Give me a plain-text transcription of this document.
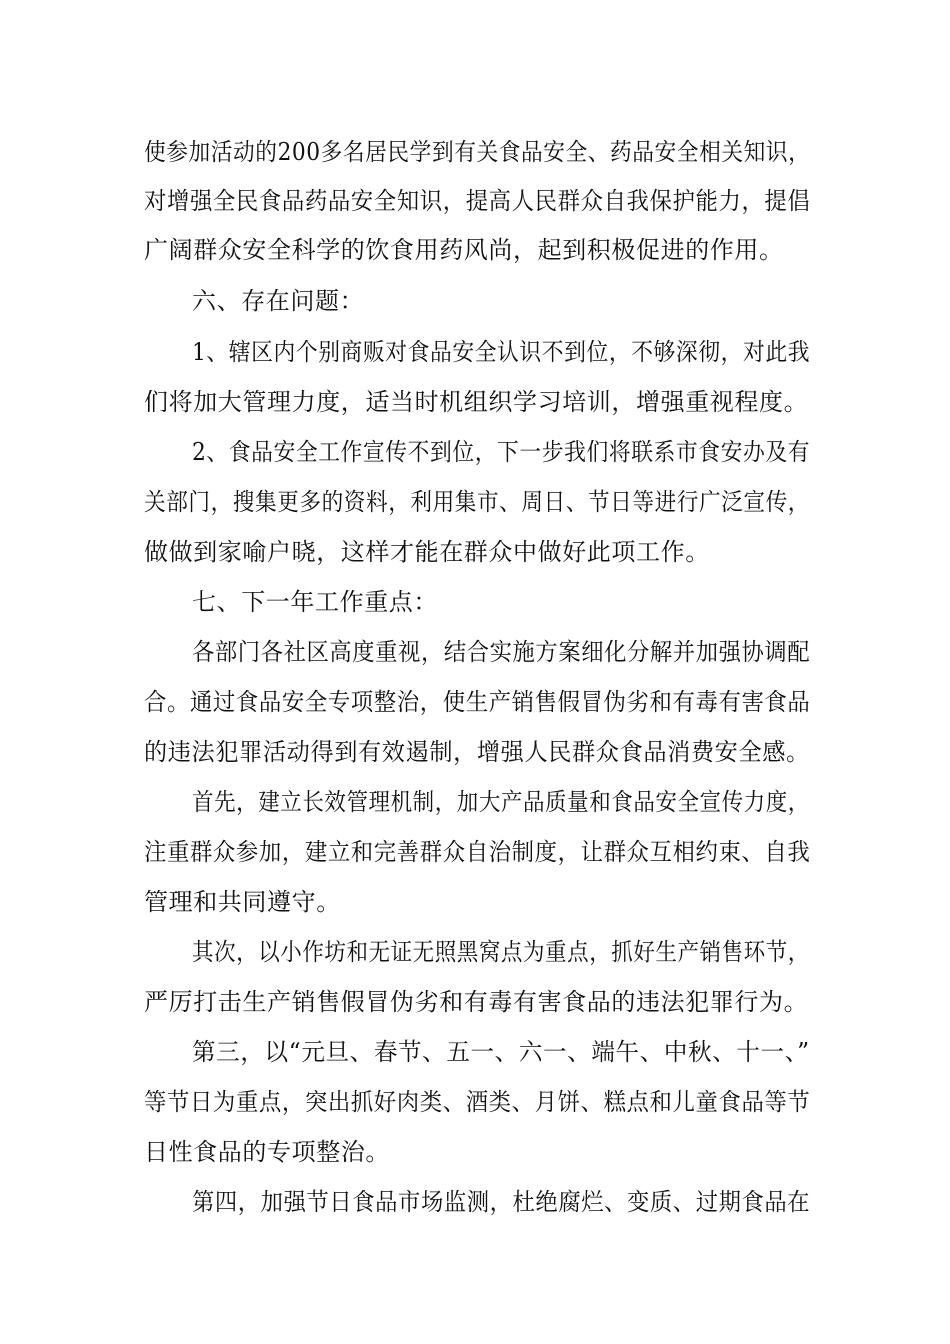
使参加活动的200多名居民学到有关食品安全、药品安全相关知识，
对增强全民食品药品安全知识，提高人民群众自我保护能力，提倡
广阔群众安全科学的饮食用药风尚，起到积极促进的作用。
六、存在问题：
1、辖区内个别商贩对食品安全认识不到位，不够深彻，对此我
们将加大管理力度，适当时机组织学习培训，增强重视程度。
2、食品安全工作宣传不到位，下一步我们将联系市食安办及有
关部门，搜集更多的资料，利用集市、周日、节日等进行广泛宣传，
做做到家喻户晓，这样才能在群众中做好此项工作。
七、下一年工作重点：
各部门各社区高度重视，结合实施方案细化分解并加强协调配
合。通过食品安全专项整治，使生产销售假冒伪劣和有毒有害食品
的违法犯罪活动得到有效遏制，增强人民群众食品消费安全感。
首先，建立长效管理机制，加大产品质量和食品安全宣传力度，
注重群众参加，建立和完善群众自治制度，让群众互相约束、自我
管理和共同遵守。
其次，以小作坊和无证无照黑窝点为重点，抓好生产销售环节，
严厉打击生产销售假冒伪劣和有毒有害食品的违法犯罪行为。
第三，以“元旦、春节、五一、六一、端午、中秋、十一、”
等节日为重点，突出抓好肉类、酒类、月饼、糕点和儿童食品等节
日性食品的专项整治。
第四，加强节日食品市场监测，杜绝腐烂、变质、过期食品在
